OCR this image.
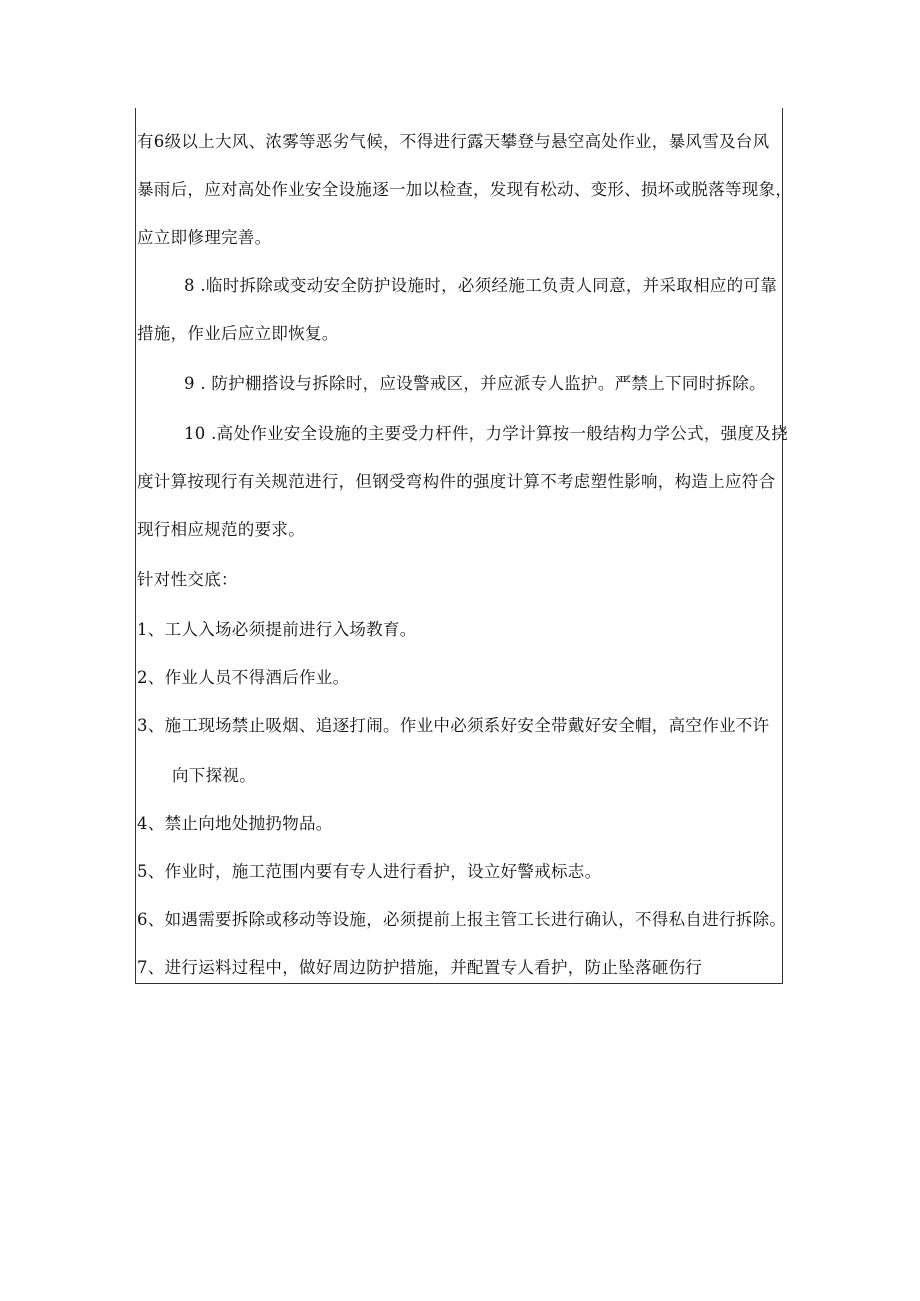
有6级以上大风、浓雾等恶劣气候，不得进行露天攀登与悬空高处作业，暴风雪及台风
暴雨后，应对高处作业安全设施逐一加以检查，发现有松动、变形、损坏或脱落等现象，
应立即修理完善。
8 .临时拆除或变动安全防护设施时，必须经施工负责人同意，并采取相应的可靠
措施，作业后应立即恢复。
9 . 防护棚搭设与拆除时，应设警戒区，并应派专人监护。严禁上下同时拆除。
10 .高处作业安全设施的主要受力杆件，力学计算按一般结构力学公式，强度及挠
度计算按现行有关规范进行，但钢受弯构件的强度计算不考虑塑性影响，构造上应符合
现行相应规范的要求。
针对性交底：
1、工人入场必须提前进行入场教育。
2、作业人员不得酒后作业。
3、施工现场禁止吸烟、追逐打闹。作业中必须系好安全带戴好安全帽，高空作业不许
向下探视。
4、禁止向地处抛扔物品。
5、作业时，施工范围内要有专人进行看护，设立好警戒标志。
6、如遇需要拆除或移动等设施，必须提前上报主管工长进行确认，不得私自进行拆除。
7、进行运料过程中，做好周边防护措施，并配置专人看护，防止坠落砸伤行
